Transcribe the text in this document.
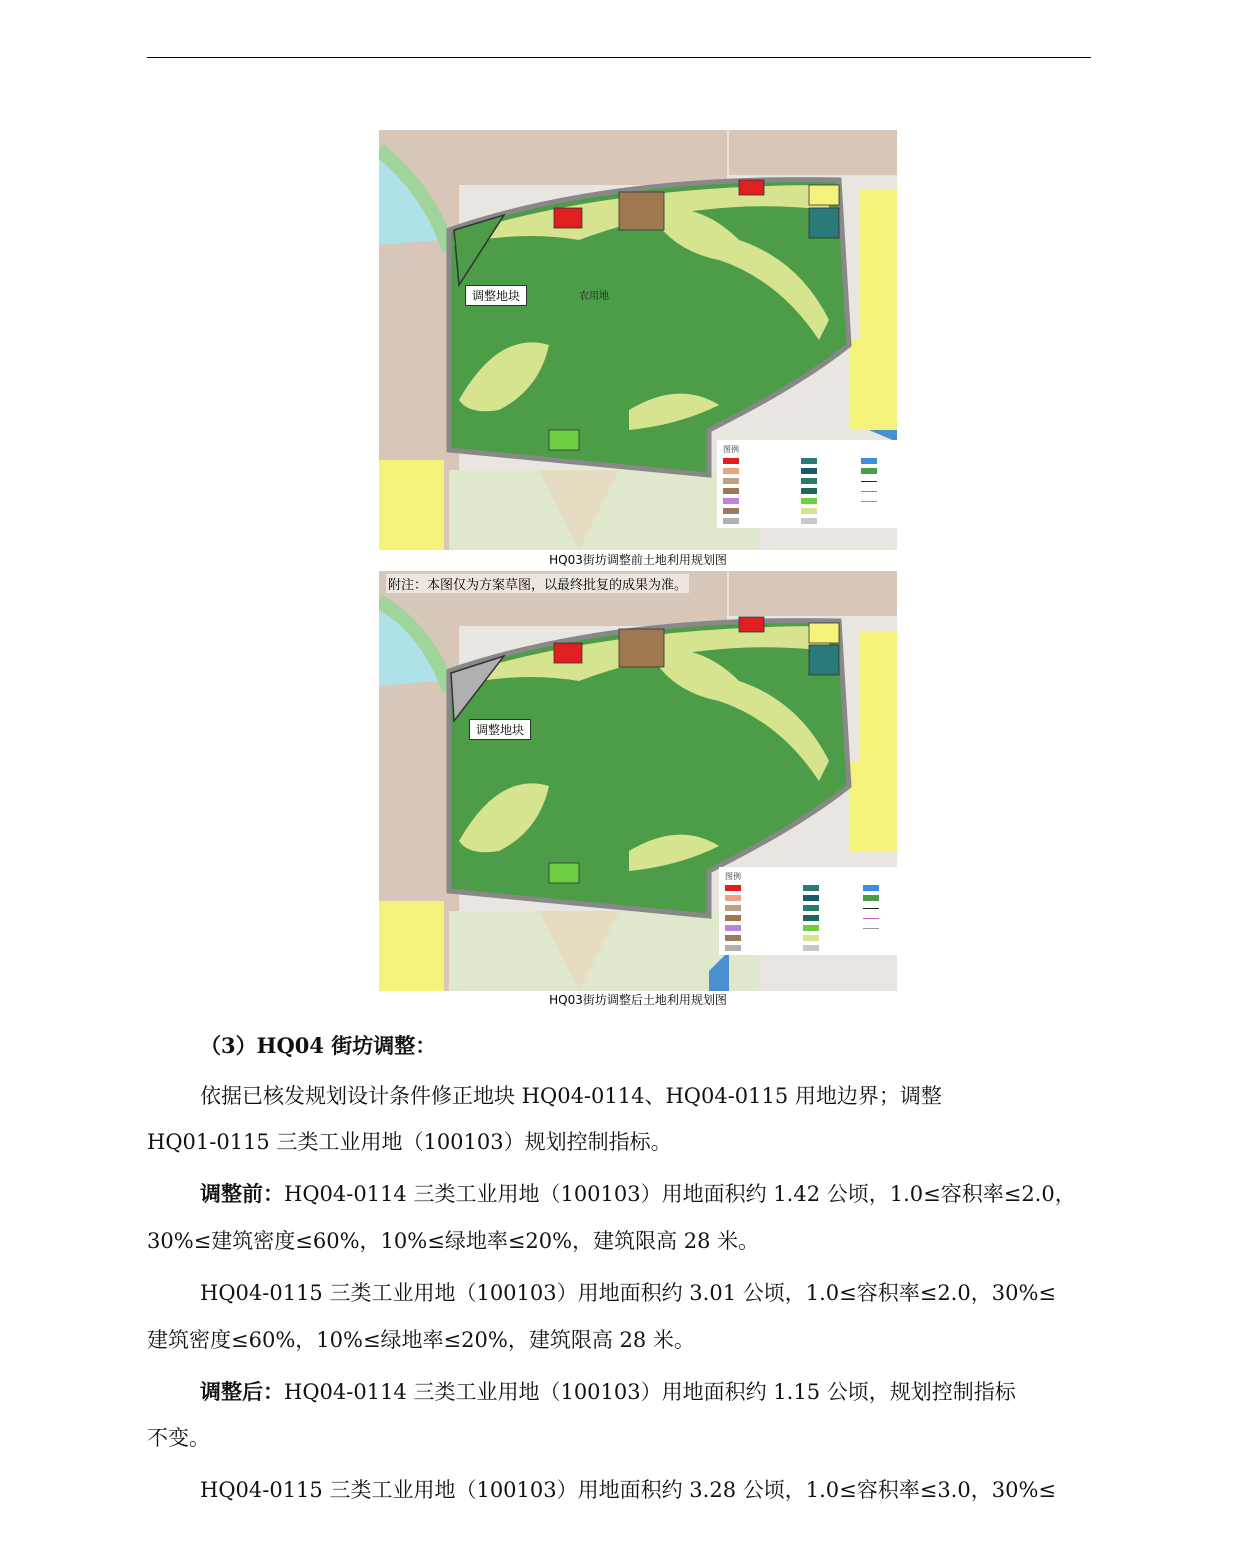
调整地块	农用地
图例
HQ03街坊调整前土地利用规划图
调整地块
图例
附注：本图仅为方案草图，以最终批复的成果为准。
HQ03街坊调整后土地利用规划图
（3）HQ04 街坊调整：
依据已核发规划设计条件修正地块 HQ04-0114、HQ04-0115 用地边界；调整
HQ01-0115 三类工业用地（100103）规划控制指标。
调整前：HQ04-0114 三类工业用地（100103）用地面积约 1.42 公顷，1.0≤容积率≤2.0，
30%≤建筑密度≤60%，10%≤绿地率≤20%，建筑限高 28 米。
HQ04-0115 三类工业用地（100103）用地面积约 3.01 公顷，1.0≤容积率≤2.0，30%≤
建筑密度≤60%，10%≤绿地率≤20%，建筑限高 28 米。
调整后：HQ04-0114 三类工业用地（100103）用地面积约 1.15 公顷，规划控制指标
不变。
HQ04-0115 三类工业用地（100103）用地面积约 3.28 公顷，1.0≤容积率≤3.0，30%≤
